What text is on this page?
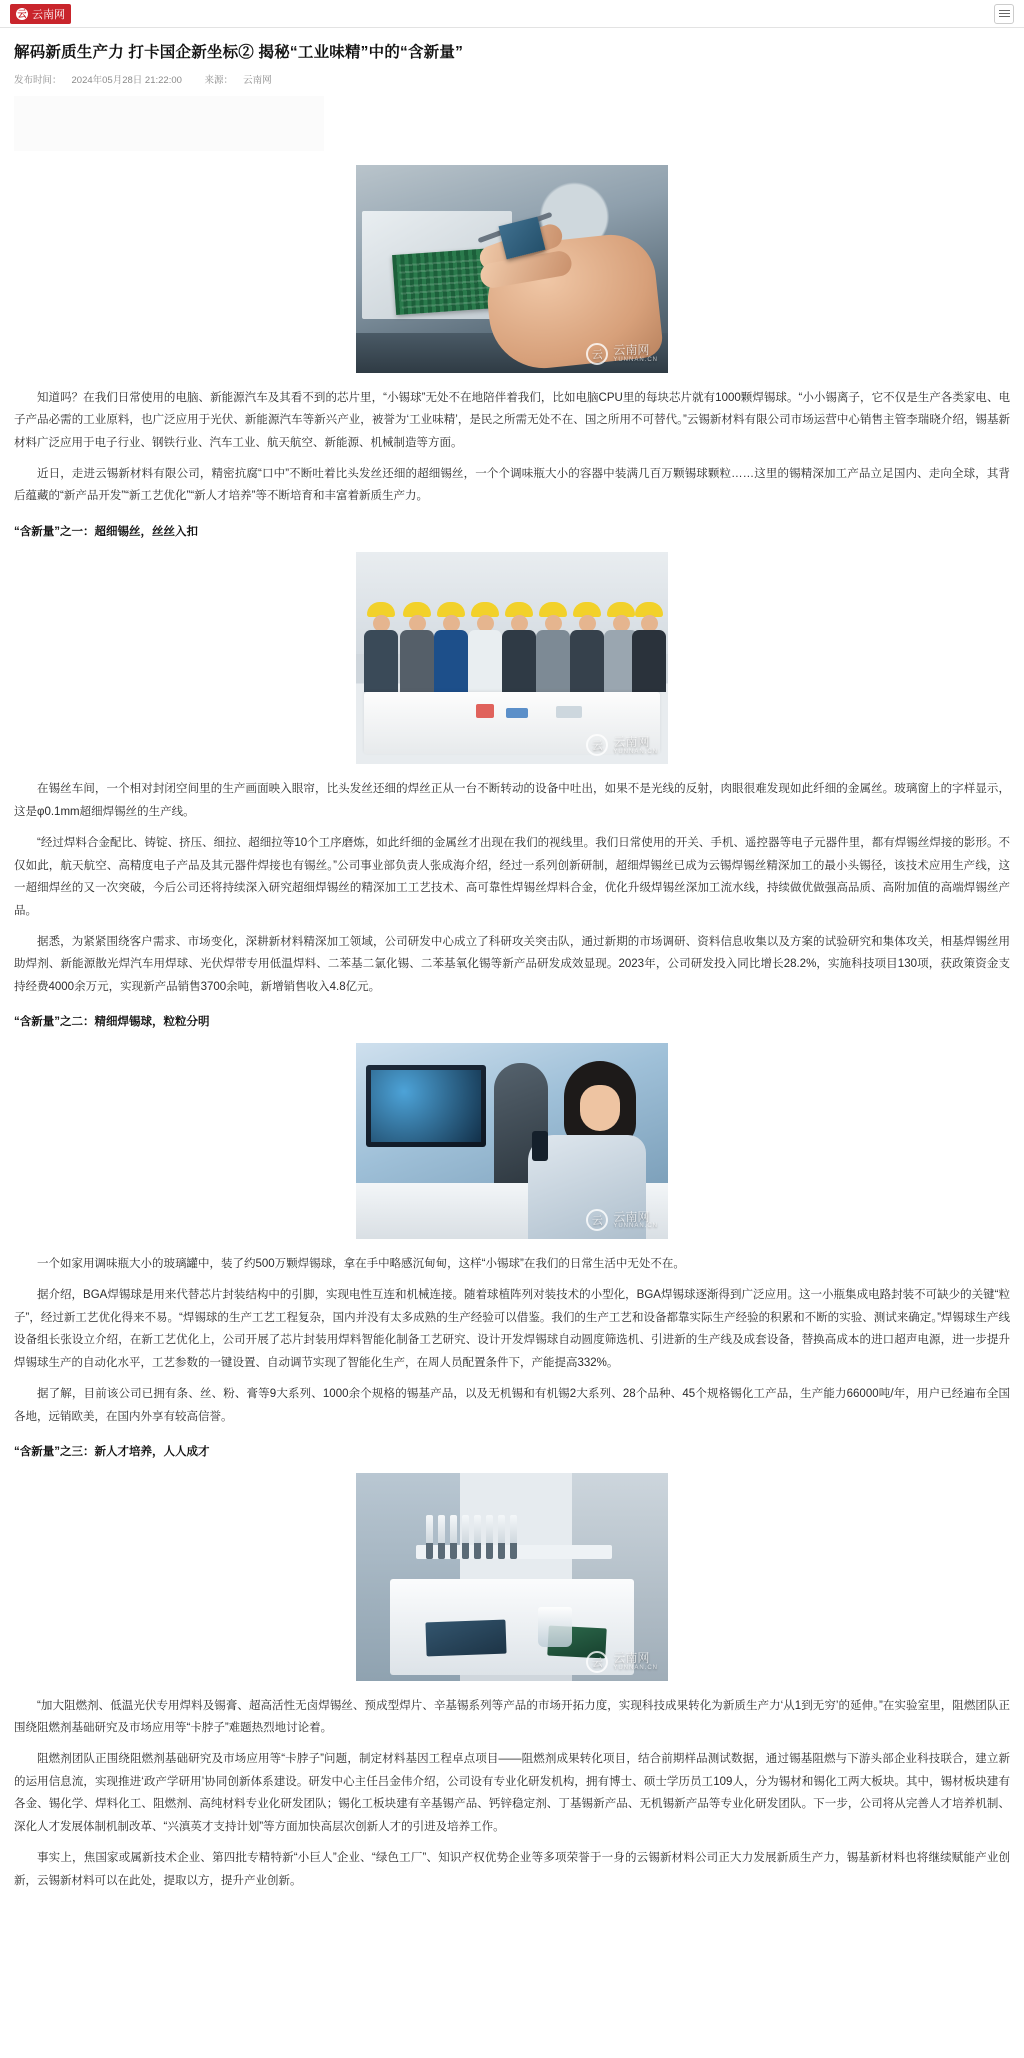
云 云南网
解码新质生产力 打卡国企新坐标② 揭秘“工业味精”中的“含新量”
发布时间： 2024年05月28日 21:22:00 来源： 云南网
云 云南网
YUNNAN.CN

知道吗？在我们日常使用的电脑、新能源汽车及其看不到的芯片里，“小锡球”无处不在地陪伴着我们，比如电脑CPU里的每块芯片就有1000颗焊锡球。“小小锡离子，它不仅是生产各类家电、电子产品必需的工业原料，也广泛应用于光伏、新能源汽车等新兴产业，被誉为‘工业味精’，是民之所需无处不在、国之所用不可替代。”云锡新材料有限公司市场运营中心销售主管李瑞晓介绍，锡基新材料广泛应用于电子行业、钢铁行业、汽车工业、航天航空、新能源、机械制造等方面。

近日，走进云锡新材料有限公司，精密抗腐“口中”不断吐着比头发丝还细的超细锡丝，一个个调味瓶大小的容器中装满几百万颗锡球颗粒……这里的锡精深加工产品立足国内、走向全球，其背后蕴藏的“新产品开发”“新工艺优化”“新人才培养”等不断培育和丰富着新质生产力。

“含新量”之一：超细锡丝，丝丝入扣
云 云南网
YUNNAN.CN

在锡丝车间，一个相对封闭空间里的生产画面映入眼帘，比头发丝还细的焊丝正从一台不断转动的设备中吐出，如果不是光线的反射，肉眼很难发现如此纤细的金属丝。玻璃窗上的字样显示，这是φ0.1mm超细焊锡丝的生产线。

“经过焊料合金配比、铸锭、挤压、细拉、超细拉等10个工序磨炼，如此纤细的金属丝才出现在我们的视线里。我们日常使用的开关、手机、遥控器等电子元器件里，都有焊锡丝焊接的影形。不仅如此，航天航空、高精度电子产品及其元器件焊接也有锡丝。”公司事业部负责人张成海介绍，经过一系列创新研制，超细焊锡丝已成为云锡焊锡丝精深加工的最小头锡径，该技术应用生产线，这一超细焊丝的又一次突破，今后公司还将持续深入研究超细焊锡丝的精深加工工艺技术、高可靠性焊锡丝焊料合金，优化升级焊锡丝深加工流水线，持续做优做强高品质、高附加值的高端焊锡丝产品。

据悉，为紧紧围绕客户需求、市场变化，深耕新材料精深加工领域，公司研发中心成立了科研攻关突击队，通过新期的市场调研、资料信息收集以及方案的试验研究和集体攻关，相基焊锡丝用助焊剂、新能源散光焊汽车用焊球、光伏焊带专用低温焊料、二苯基二氯化锡、二苯基氧化锡等新产品研发成效显现。2023年，公司研发投入同比增长28.2%，实施科技项目130项，获政策资金支持经费4000余万元，实现新产品销售3700余吨，新增销售收入4.8亿元。

“含新量”之二：精细焊锡球，粒粒分明
云 云南网
YUNNAN.CN

一个如家用调味瓶大小的玻璃罐中，装了约500万颗焊锡球，拿在手中略感沉甸甸，这样“小锡球”在我们的日常生活中无处不在。

据介绍，BGA焊锡球是用来代替芯片封装结构中的引脚，实现电性互连和机械连接。随着球植阵列对装技术的小型化，BGA焊锡球逐渐得到广泛应用。这一小瓶集成电路封装不可缺少的关键“粒子”，经过新工艺优化得来不易。“焊锡球的生产工艺工程复杂，国内并没有太多成熟的生产经验可以借鉴。我们的生产工艺和设备都靠实际生产经验的积累和不断的实验、测试来确定。”焊锡球生产线设备组长张设立介绍，在新工艺优化上，公司开展了芯片封装用焊料智能化制备工艺研究、设计开发焊锡球自动圆度筛选机、引进新的生产线及成套设备，替换高成本的进口超声电源，进一步提升焊锡球生产的自动化水平，工艺参数的一键设置、自动调节实现了智能化生产，在周人员配置条件下，产能提高332%。

据了解，目前该公司已拥有条、丝、粉、膏等9大系列、1000余个规格的锡基产品，以及无机锡和有机锡2大系列、28个品种、45个规格锡化工产品，生产能力66000吨/年，用户已经遍布全国各地，远销欧美，在国内外享有较高信誉。

“含新量”之三：新人才培养，人人成才
云 云南网
YUNNAN.CN

“加大阻燃剂、低温光伏专用焊料及锡膏、超高活性无卤焊锡丝、预成型焊片、辛基锡系列等产品的市场开拓力度，实现科技成果转化为新质生产力‘从1到无穷’的延伸。”在实验室里，阻燃团队正围绕阻燃剂基础研究及市场应用等“卡脖子”难题热烈地讨论着。

阻燃剂团队正围绕阻燃剂基础研究及市场应用等“卡脖子”问题，制定材料基因工程卓点项目——阻燃剂成果转化项目，结合前期样品测试数据，通过锡基阻燃与下游头部企业科技联合，建立新的运用信息流，实现推进‘政产学研用’协同创新体系建设。研发中心主任吕金伟介绍，公司设有专业化研发机构，拥有博士、硕士学历员工109人，分为锡材和锡化工两大板块。其中，锡材板块建有各金、锡化学、焊料化工、阻燃剂、高纯材料专业化研发团队；锡化工板块建有辛基锡产品、钙锌稳定剂、丁基锡新产品、无机锡新产品等专业化研发团队。下一步，公司将从完善人才培养机制、深化人才发展体制机制改革、“兴滇英才支持计划”等方面加快高层次创新人才的引进及培养工作。

事实上，焦国家或属新技术企业、第四批专精特新“小巨人”企业、“绿色工厂”、知识产权优势企业等多项荣誉于一身的云锡新材料公司正大力发展新质生产力，锡基新材料也将继续赋能产业创新，云锡新材料可以在此处，提取以方，提升产业创新。
